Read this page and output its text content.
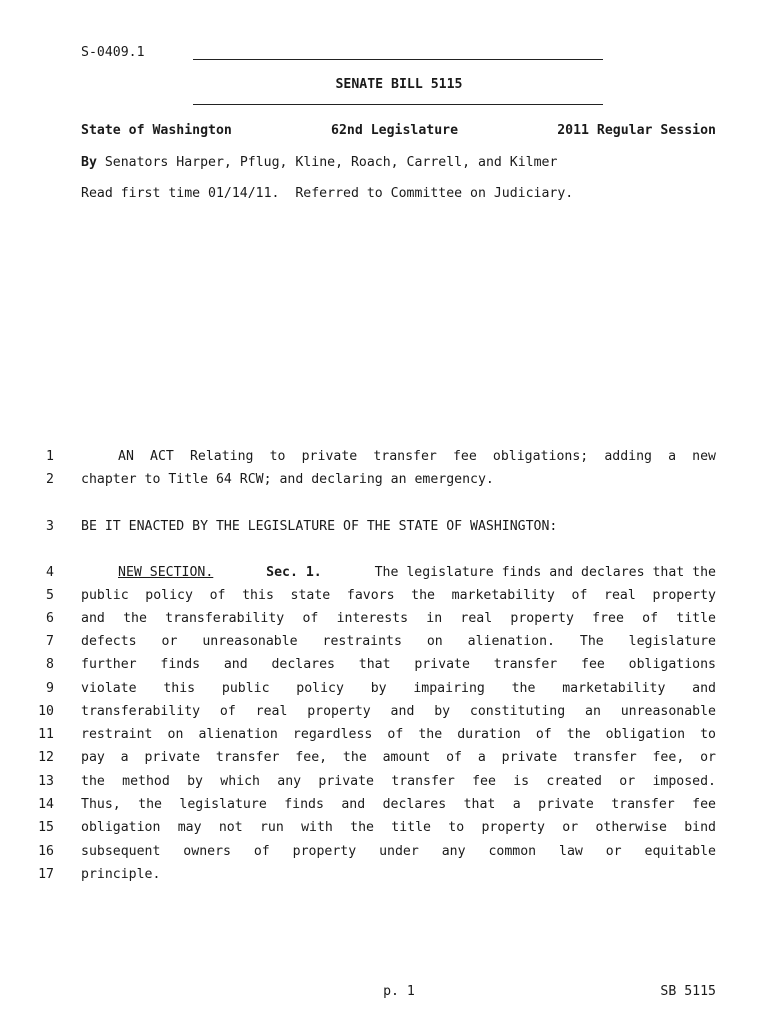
S-0409.1
SENATE BILL 5115
State of Washington	62nd Legislature	2011 Regular Session
By Senators Harper, Pflug, Kline, Roach, Carrell, and Kilmer
Read first time 01/14/11.  Referred to Committee on Judiciary.
1	AN ACT Relating to private transfer fee obligations; adding a new
2 chapter to Title 64 RCW; and declaring an emergency.
3 BE IT ENACTED BY THE LEGISLATURE OF THE STATE OF WASHINGTON:
4	NEW SECTION.	Sec. 1.	The legislature finds and declares that the
5 public policy of this state favors the marketability of real property
6 and the transferability of interests in real property free of title
7 defects or unreasonable restraints on alienation. The legislature
8 further finds and declares that private transfer fee obligations
9 violate this public policy by impairing the marketability and
10 transferability of real property and by constituting an unreasonable
11 restraint on alienation regardless of the duration of the obligation to
12 pay a private transfer fee, the amount of a private transfer fee, or
13 the method by which any private transfer fee is created or imposed.
14 Thus, the legislature finds and declares that a private transfer fee
15 obligation may not run with the title to property or otherwise bind
16 subsequent owners of property under any common law or equitable
17 principle.
p. 1	SB 5115
